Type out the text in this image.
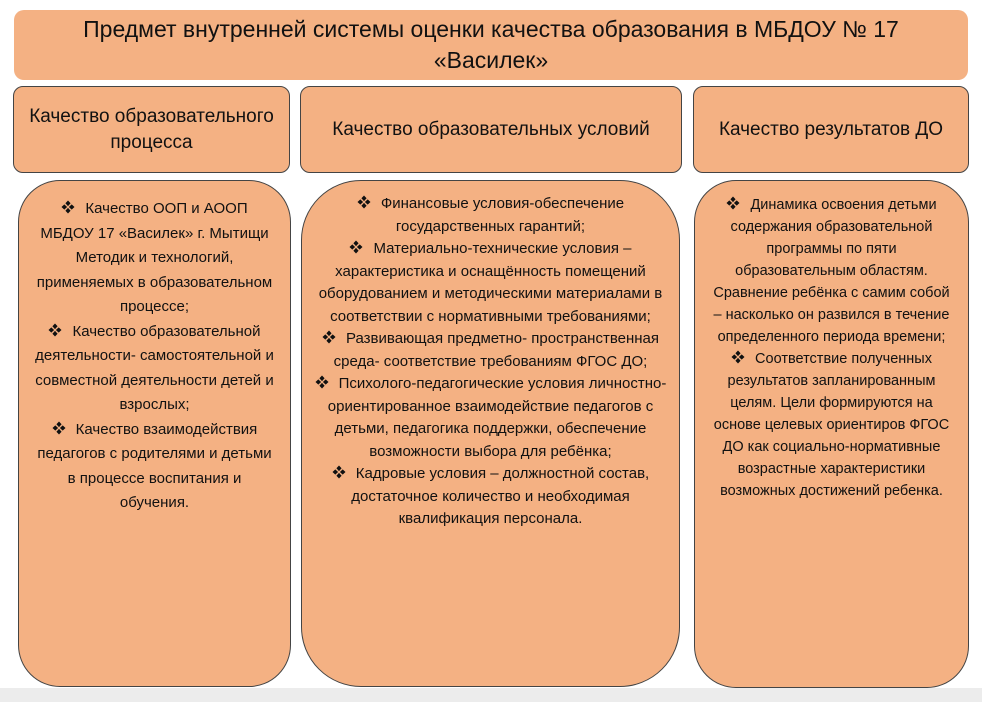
Предмет внутренней системы оценки качества образования в МБДОУ № 17 «Василек»
Качество образовательного процесса
Качество образовательных условий	Качество результатов ДО

Качество ООП и АООП МБДОУ 17 «Василек» г. Мытищи Методик и технологий, применяемых в образовательном процессе;

Качество образовательной деятельности- самостоятельной и совместной деятельности детей и взрослых;

Качество взаимодействия педагогов с родителями и детьми в процессе воспитания и обучения.

Финансовые условия-обеспечение государственных гарантий;

Материально-технические условия – характеристика и оснащённость помещений оборудованием и методическими материалами в соответствии с нормативными требованиями;

Развивающая предметно- пространственная среда- соответствие требованиям ФГОС ДО;

Психолого-педагогические условия личностно-ориентированное взаимодействие педагогов с детьми, педагогика поддержки, обеспечение возможности выбора для ребёнка;

Кадровые условия – должностной состав, достаточное количество и необходимая квалификация персонала.

Динамика освоения детьми содержания образовательной программы по пяти образовательным областям. Сравнение ребёнка с самим собой – насколько он развился в течение определенного периода времени;

Соответствие полученных результатов запланированным целям. Цели формируются на основе целевых ориентиров ФГОС ДО как социально-нормативные возрастные характеристики возможных достижений ребенка.
